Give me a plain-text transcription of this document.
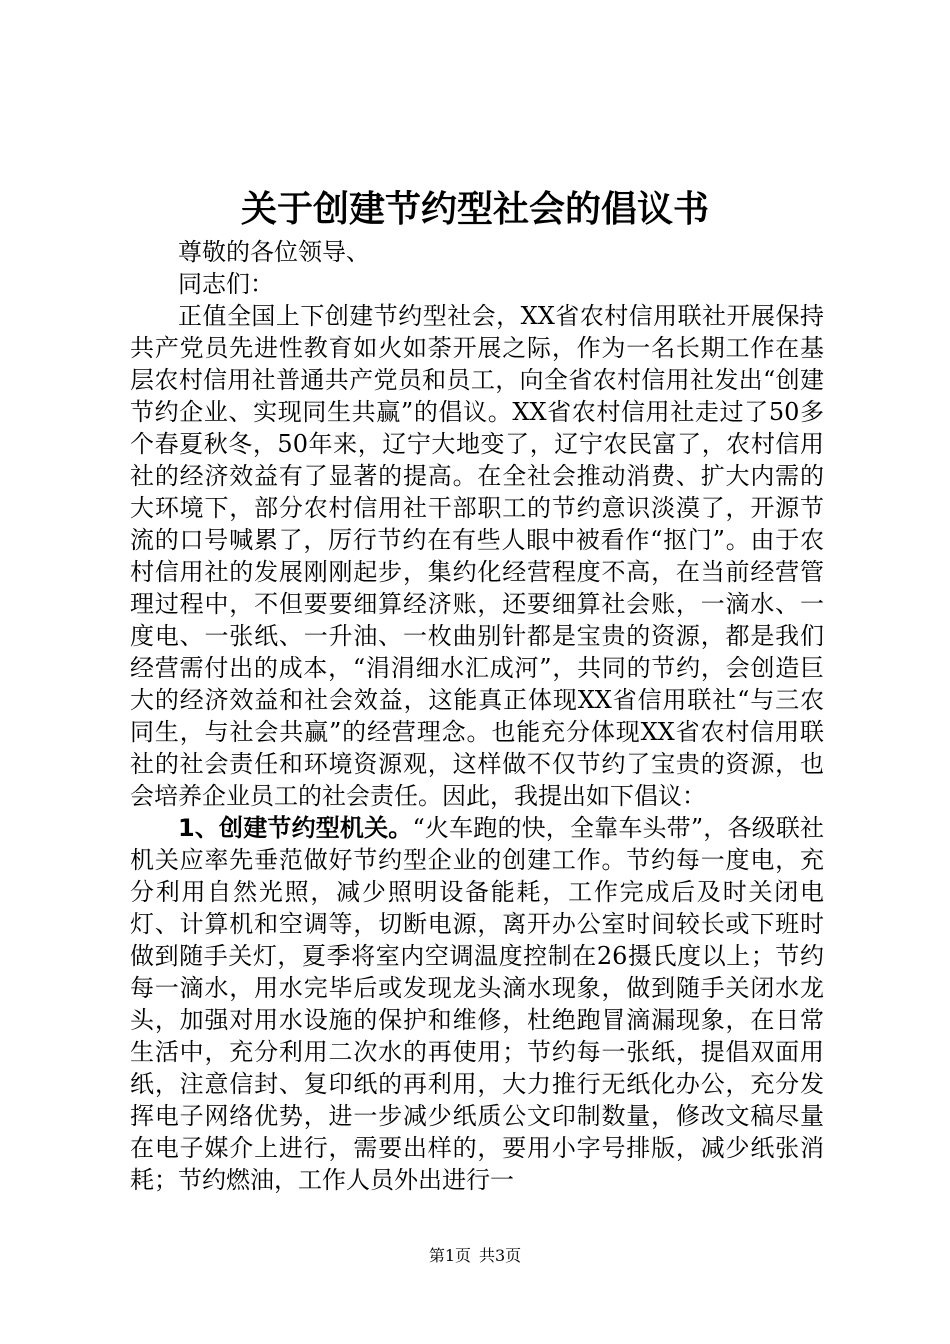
关于创建节约型社会的倡议书

尊敬的各位领导、

同志们：

正值全国上下创建节约型社会，XX省农村信用联社开展保持共产党员先进性教育如火如荼开展之际，作为一名长期工作在基层农村信用社普通共产党员和员工，向全省农村信用社发出“创建节约企业、实现同生共赢”的倡议。XX省农村信用社走过了50多个春夏秋冬，50年来，辽宁大地变了，辽宁农民富了，农村信用社的经济效益有了显著的提高。在全社会推动消费、扩大内需的大环境下，部分农村信用社干部职工的节约意识淡漠了，开源节流的口号喊累了，厉行节约在有些人眼中被看作“抠门”。由于农村信用社的发展刚刚起步，集约化经营程度不高，在当前经营管理过程中，不但要要细算经济账，还要细算社会账，一滴水、一度电、一张纸、一升油、一枚曲别针都是宝贵的资源，都是我们经营需付出的成本，“涓涓细水汇成河”，共同的节约，会创造巨大的经济效益和社会效益，这能真正体现XX省信用联社“与三农同生，与社会共赢”的经营理念。也能充分体现XX省农村信用联社的社会责任和环境资源观，这样做不仅节约了宝贵的资源，也会培养企业员工的社会责任。因此，我提出如下倡议：

1、创建节约型机关。“火车跑的快，全靠车头带”，各级联社机关应率先垂范做好节约型企业的创建工作。节约每一度电，充分利用自然光照，减少照明设备能耗，工作完成后及时关闭电灯、计算机和空调等，切断电源，离开办公室时间较长或下班时做到随手关灯，夏季将室内空调温度控制在26摄氏度以上；节约每一滴水，用水完毕后或发现龙头滴水现象，做到随手关闭水龙头，加强对用水设施的保护和维修，杜绝跑冒滴漏现象，在日常生活中，充分利用二次水的再使用；节约每一张纸，提倡双面用纸，注意信封、复印纸的再利用，大力推行无纸化办公，充分发挥电子网络优势，进一步减少纸质公文印制数量，修改文稿尽量在电子媒介上进行，需要出样的，要用小字号排版，减少纸张消耗；节约燃油，工作人员外出进行一

第1页 共3页
